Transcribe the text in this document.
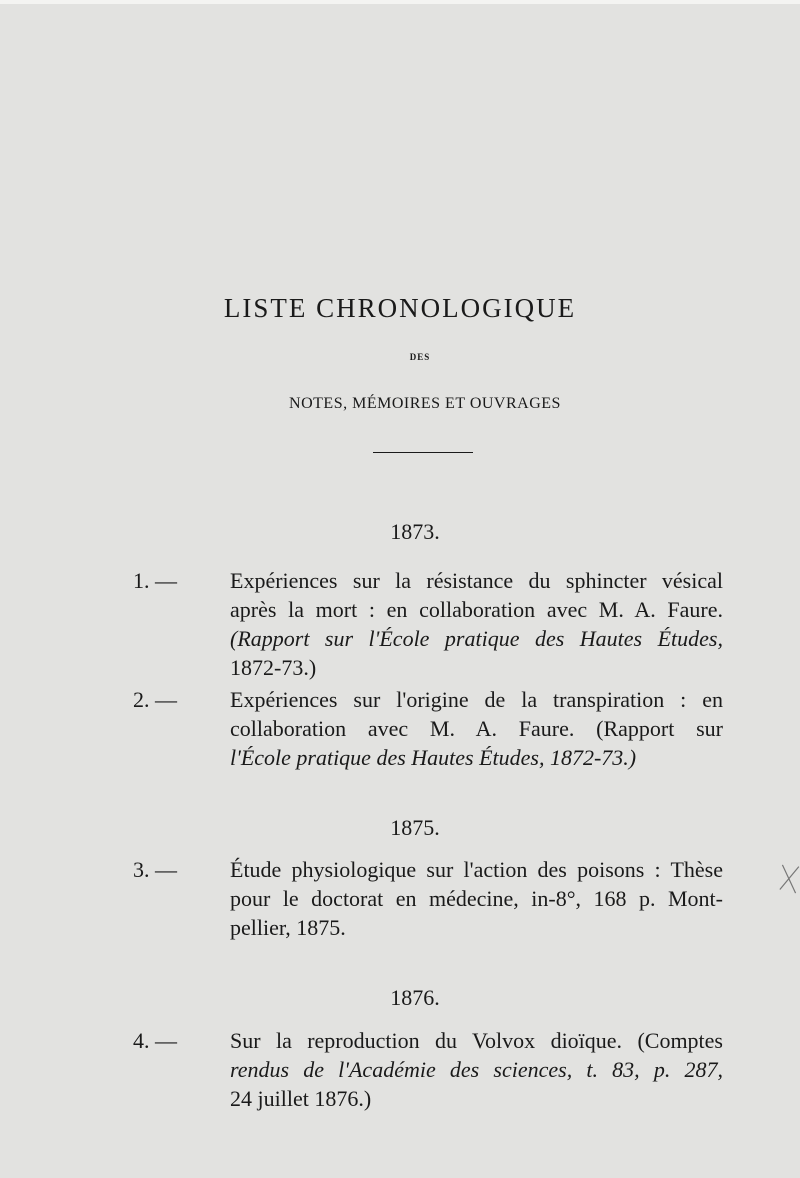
LISTE CHRONOLOGIQUE
DES
NOTES, MÉMOIRES ET OUVRAGES
1873.
1. —	Expériences sur la résistance du sphincter vésical
après la mort : en collaboration avec M. A. Faure.
(Rapport sur l'École pratique des Hautes Études,
1872-73.)
2. —	Expériences sur l'origine de la transpiration : en
collaboration avec M. A. Faure. (Rapport sur
l'École pratique des Hautes Études, 1872-73.)
1875.
3. —	Étude physiologique sur l'action des poisons : Thèse
pour le doctorat en médecine, in-8°, 168 p. Mont-
pellier, 1875.
1876.
4. —	Sur la reproduction du Volvox dioïque. (Comptes
rendus de l'Académie des sciences, t. 83, p. 287,
24 juillet 1876.)
